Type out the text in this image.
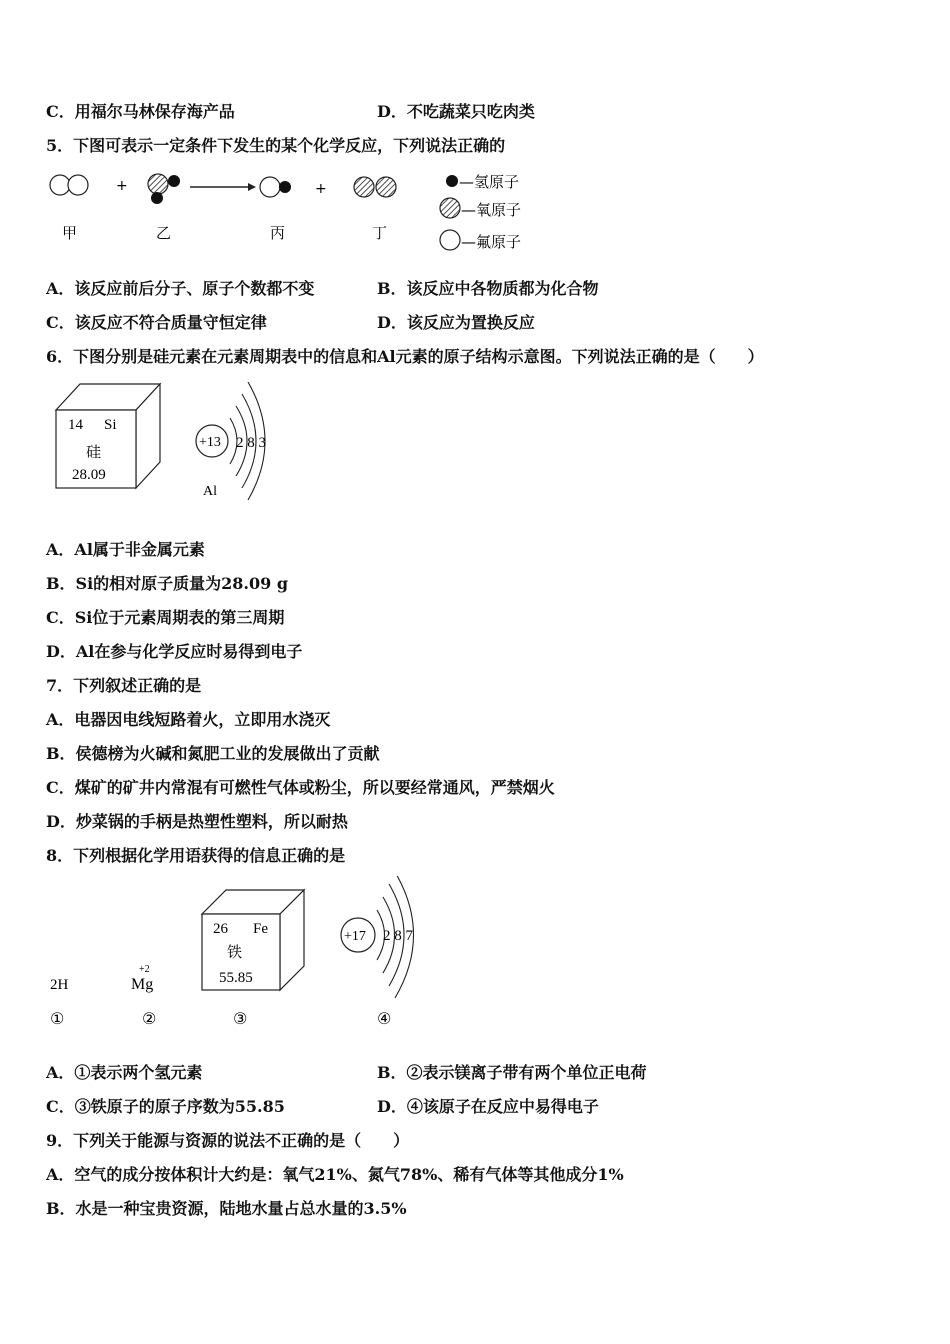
C．用福尔马林保存海产品	D．不吃蔬菜只吃肉类
5．下图可表示一定条件下发生的某个化学反应，下列说法正确的
+	+
甲	乙	丙	丁
—氢原子
—氧原子
—氟原子
A．该反应前后分子、原子个数都不变	B．该反应中各物质都为化合物
C．该反应不符合质量守恒定律	D．该反应为置换反应
6．下图分别是硅元素在元素周期表中的信息和Al元素的原子结构示意图。下列说法正确的是（　　）
14 Si
硅
28.09
+13 2 8 3
Al
A．Al属于非金属元素
B．Si的相对原子质量为28.09 g
C．Si位于元素周期表的第三周期
D．Al在参与化学反应时易得到电子
7．下列叙述正确的是
A．电器因电线短路着火，立即用水浇灭
B．侯德榜为火碱和氮肥工业的发展做出了贡献
C．煤矿的矿井内常混有可燃性气体或粉尘，所以要经常通风，严禁烟火
D．炒菜锅的手柄是热塑性塑料，所以耐热
8．下列根据化学用语获得的信息正确的是
2H
+2
Mg
26 Fe
铁
55.85
+17 2 8 7
①	②	③	④
A．①表示两个氢元素	B．②表示镁离子带有两个单位正电荷
C．③铁原子的原子序数为55.85	D．④该原子在反应中易得电子
9．下列关于能源与资源的说法不正确的是（　　）
A．空气的成分按体积计大约是：氧气21%、氮气78%、稀有气体等其他成分1%
B．水是一种宝贵资源，陆地水量占总水量的3.5%
